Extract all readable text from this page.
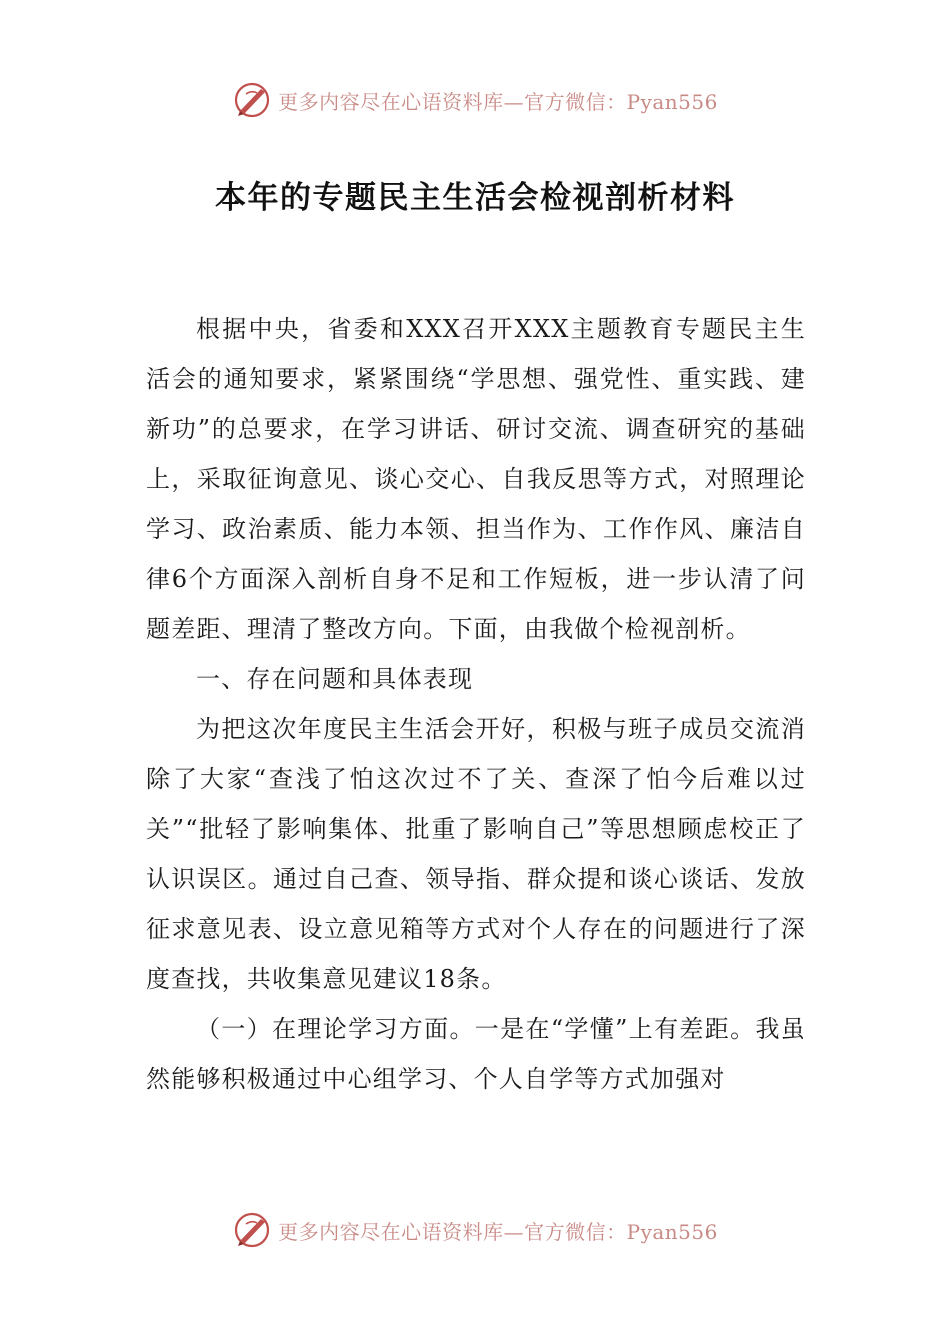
更多内容尽在心语资料库—官方微信：Pyan556
本年的专题民主生活会检视剖析材料

根据中央，省委和XXX召开XXX主题教育专题民主生活会的通知要求，紧紧围绕“学思想、强党性、重实践、建新功”的总要求，在学习讲话、研讨交流、调查研究的基础上，采取征询意见、谈心交心、自我反思等方式，对照理论学习、政治素质、能力本领、担当作为、工作作风、廉洁自律6个方面深入剖析自身不足和工作短板，进一步认清了问题差距、理清了整改方向。下面，由我做个检视剖析。

一、存在问题和具体表现

为把这次年度民主生活会开好，积极与班子成员交流消除了大家“查浅了怕这次过不了关、查深了怕今后难以过关”“批轻了影响集体、批重了影响自己”等思想顾虑校正了认识误区。通过自己查、领导指、群众提和谈心谈话、发放征求意见表、设立意见箱等方式对个人存在的问题进行了深度查找，共收集意见建议18条。

（一）在理论学习方面。一是在“学懂”上有差距。我虽然能够积极通过中心组学习、个人自学等方式加强对

更多内容尽在心语资料库—官方微信：Pyan556
